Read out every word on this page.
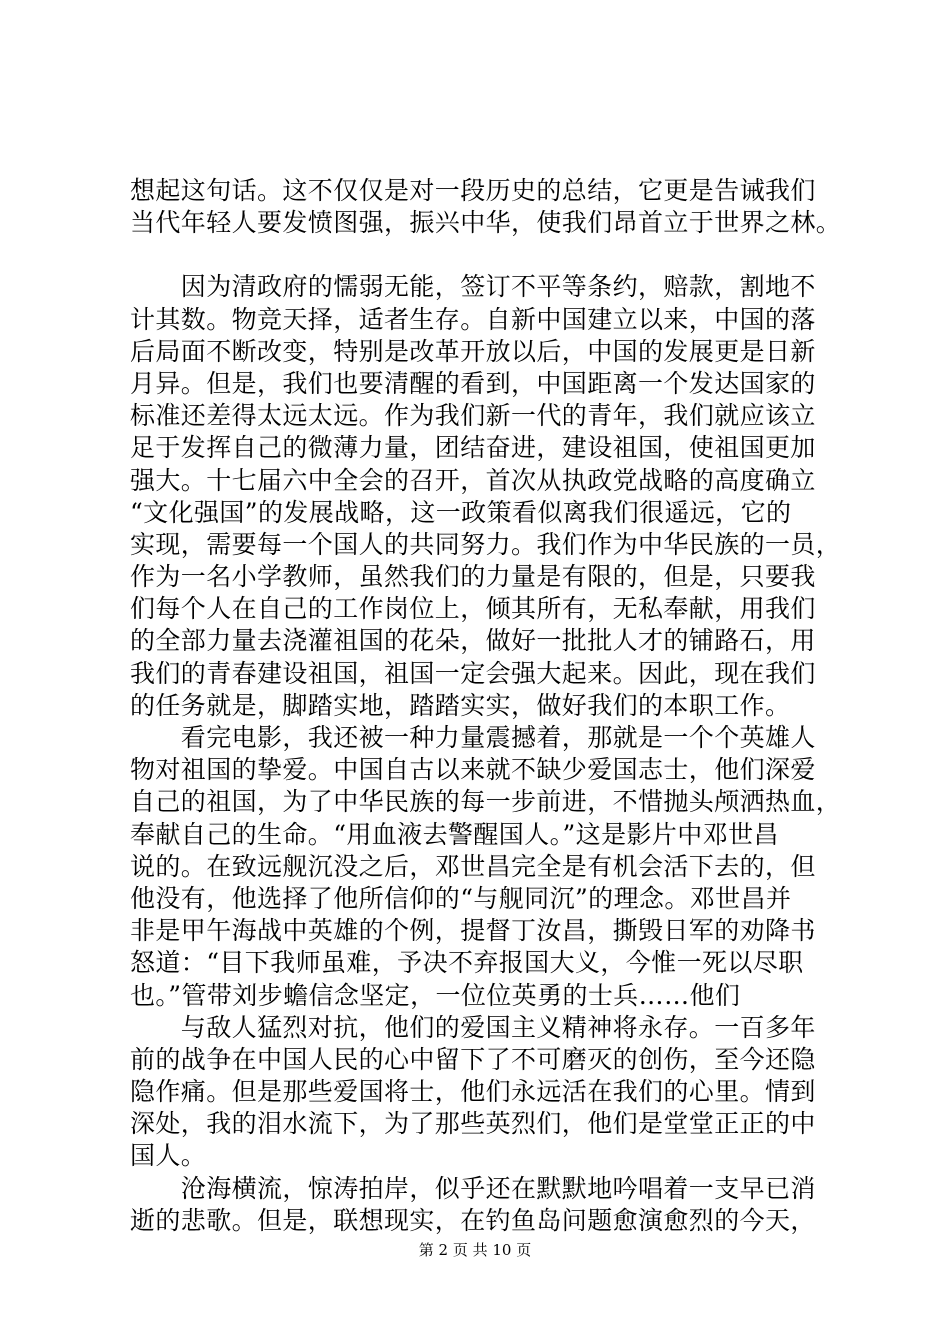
想起这句话。这不仅仅是对一段历史的总结，它更是告诫我们
当代年轻人要发愤图强，振兴中华，使我们昂首立于世界之林。
　　因为清政府的懦弱无能，签订不平等条约，赔款，割地不
计其数。物竞天择，适者生存。自新中国建立以来，中国的落
后局面不断改变，特别是改革开放以后，中国的发展更是日新
月异。但是，我们也要清醒的看到，中国距离一个发达国家的
标准还差得太远太远。作为我们新一代的青年，我们就应该立
足于发挥自己的微薄力量，团结奋进，建设祖国，使祖国更加
强大。十七届六中全会的召开，首次从执政党战略的高度确立
“文化强国”的发展战略，这一政策看似离我们很遥远，它的
实现，需要每一个国人的共同努力。我们作为中华民族的一员，
作为一名小学教师，虽然我们的力量是有限的，但是，只要我
们每个人在自己的工作岗位上，倾其所有，无私奉献，用我们
的全部力量去浇灌祖国的花朵，做好一批批人才的铺路石，用
我们的青春建设祖国，祖国一定会强大起来。因此，现在我们
的任务就是，脚踏实地，踏踏实实，做好我们的本职工作。
　　看完电影，我还被一种力量震撼着，那就是一个个英雄人
物对祖国的挚爱。中国自古以来就不缺少爱国志士，他们深爱
自己的祖国，为了中华民族的每一步前进，不惜抛头颅洒热血，
奉献自己的生命。“用血液去警醒国人。”这是影片中邓世昌
说的。在致远舰沉没之后，邓世昌完全是有机会活下去的，但
他没有，他选择了他所信仰的“与舰同沉”的理念。邓世昌并
非是甲午海战中英雄的个例，提督丁汝昌，撕毁日军的劝降书
怒道：“目下我师虽难，予决不弃报国大义，今惟一死以尽职
也。”管带刘步蟾信念坚定，一位位英勇的士兵……他们
　　与敌人猛烈对抗，他们的爱国主义精神将永存。一百多年
前的战争在中国人民的心中留下了不可磨灭的创伤，至今还隐
隐作痛。但是那些爱国将士，他们永远活在我们的心里。情到
深处，我的泪水流下，为了那些英烈们，他们是堂堂正正的中
国人。
　　沧海横流，惊涛拍岸，似乎还在默默地吟唱着一支早已消
逝的悲歌。但是，联想现实，在钓鱼岛问题愈演愈烈的今天，
第 2 页 共 10 页
